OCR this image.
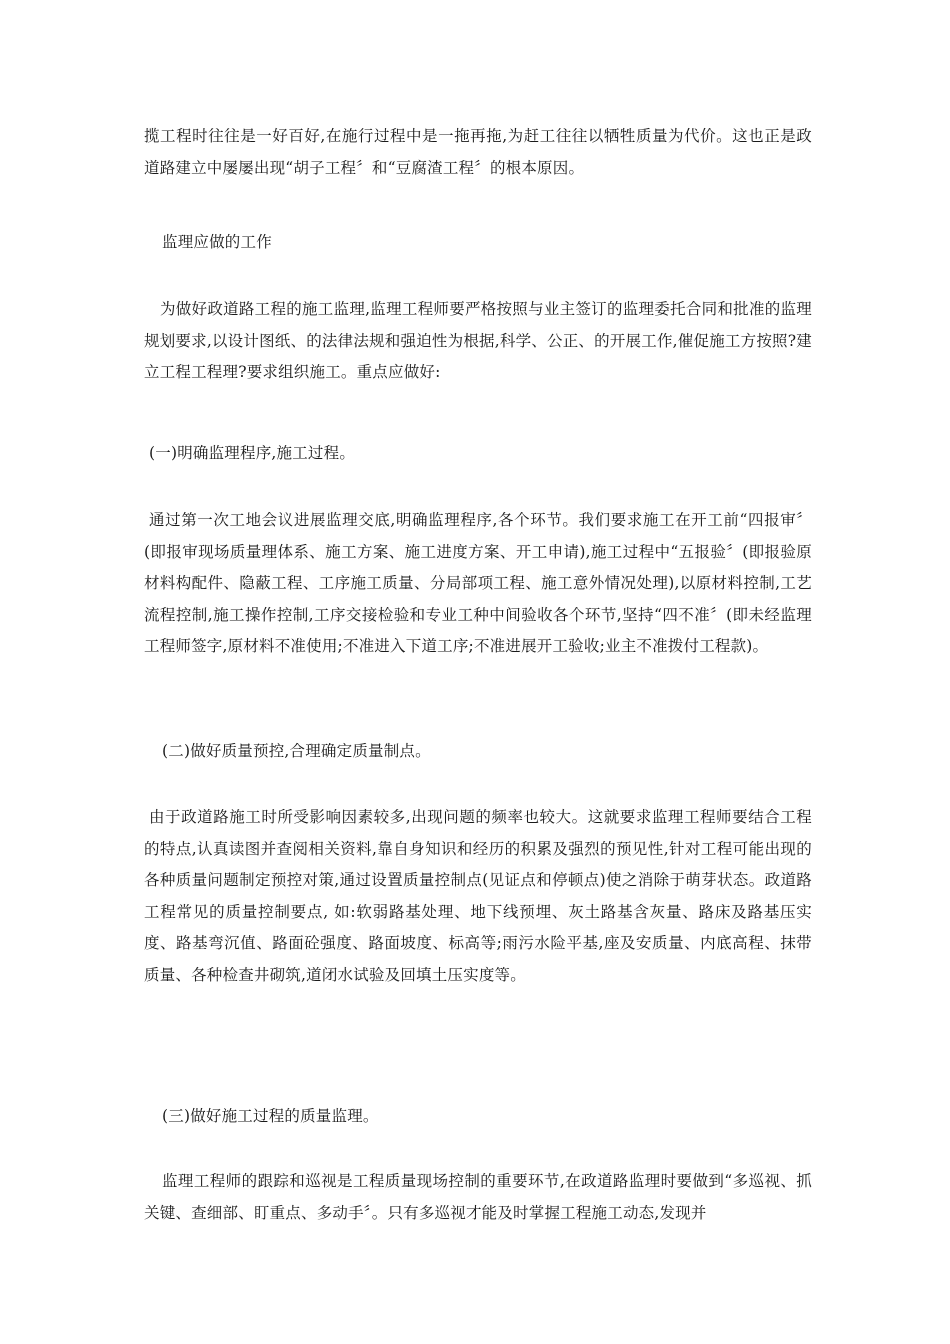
揽工程时往往是一好百好,在施行过程中是一拖再拖,为赶工往往以牺牲质量为代价。这也正是政道路建立中屡屡出现“胡子工程〞和“豆腐渣工程〞的根本原因。

监理应做的工作

为做好政道路工程的施工监理,监理工程师要严格按照与业主签订的监理委托合同和批准的监理规划要求,以设计图纸、的法律法规和强迫性为根据,科学、公正、的开展工作,催促施工方按照?建立工程工程理?要求组织施工。重点应做好:

(一)明确监理程序,施工过程。

通过第一次工地会议进展监理交底,明确监理程序,各个环节。我们要求施工在开工前“四报审〞(即报审现场质量理体系、施工方案、施工进度方案、开工申请),施工过程中“五报验〞(即报验原材料构配件、隐蔽工程、工序施工质量、分局部项工程、施工意外情况处理),以原材料控制,工艺流程控制,施工操作控制,工序交接检验和专业工种中间验收各个环节,坚持“四不准〞(即未经监理工程师签字,原材料不准使用;不准进入下道工序;不准进展开工验收;业主不准拨付工程款)。

(二)做好质量预控,合理确定质量制点。

由于政道路施工时所受影响因素较多,出现问题的频率也较大。这就要求监理工程师要结合工程的特点,认真读图并查阅相关资料,靠自身知识和经历的积累及强烈的预见性,针对工程可能出现的各种质量问题制定预控对策,通过设置质量控制点(见证点和停顿点)使之消除于萌芽状态。政道路工程常见的质量控制要点, 如:软弱路基处理、地下线预埋、灰土路基含灰量、路床及路基压实度、路基弯沉值、路面砼强度、路面坡度、标高等;雨污水险平基,座及安质量、内底高程、抹带质量、各种检查井砌筑,道闭水试验及回填土压实度等。

(三)做好施工过程的质量监理。

监理工程师的跟踪和巡视是工程质量现场控制的重要环节,在政道路监理时要做到“多巡视、抓关键、查细部、盯重点、多动手〞。只有多巡视才能及时掌握工程施工动态,发现并
